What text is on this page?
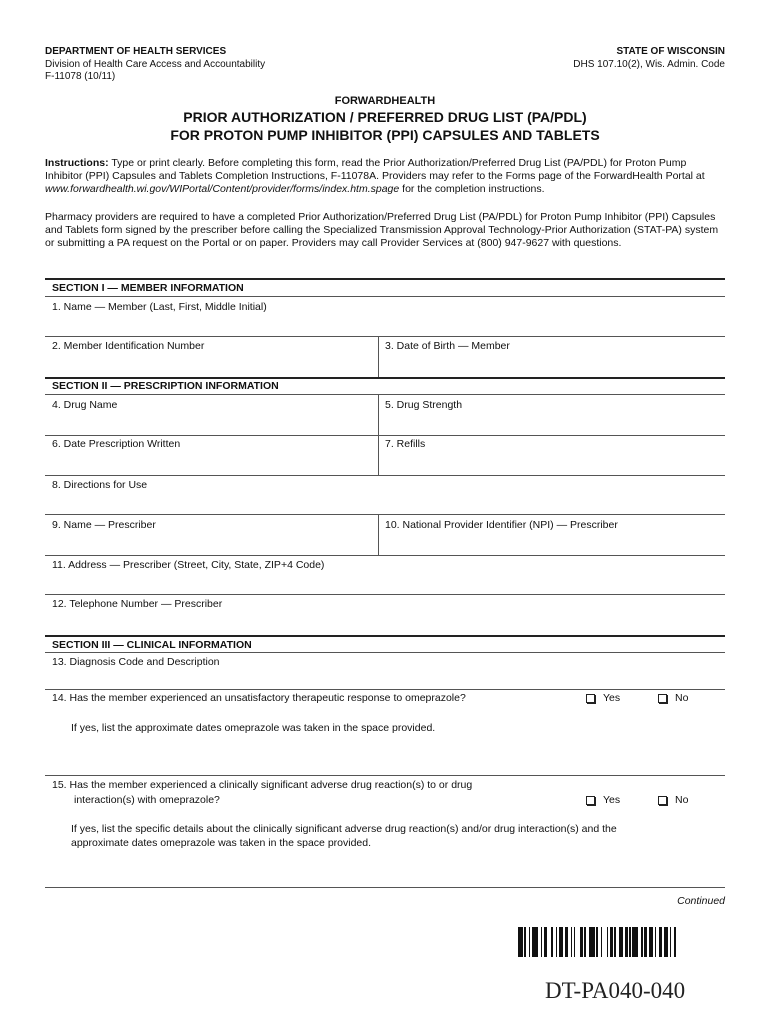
DEPARTMENT OF HEALTH SERVICES
Division of Health Care Access and Accountability
F-11078 (10/11)
STATE OF WISCONSIN
DHS 107.10(2), Wis. Admin. Code
FORWARDHEALTH
PRIOR AUTHORIZATION / PREFERRED DRUG LIST (PA/PDL)
FOR PROTON PUMP INHIBITOR (PPI) CAPSULES AND TABLETS
Instructions: Type or print clearly. Before completing this form, read the Prior Authorization/Preferred Drug List (PA/PDL) for Proton Pump Inhibitor (PPI) Capsules and Tablets Completion Instructions, F-11078A. Providers may refer to the Forms page of the ForwardHealth Portal at www.forwardhealth.wi.gov/WIPortal/Content/provider/forms/index.htm.spage for the completion instructions.
Pharmacy providers are required to have a completed Prior Authorization/Preferred Drug List (PA/PDL) for Proton Pump Inhibitor (PPI) Capsules and Tablets form signed by the prescriber before calling the Specialized Transmission Approval Technology-Prior Authorization (STAT-PA) system or submitting a PA request on the Portal or on paper. Providers may call Provider Services at (800) 947-9627 with questions.
SECTION I — MEMBER INFORMATION
1. Name — Member (Last, First, Middle Initial)
2. Member Identification Number	3. Date of Birth — Member
SECTION II — PRESCRIPTION INFORMATION
4. Drug Name	5. Drug Strength
6. Date Prescription Written	7. Refills
8. Directions for Use
9. Name — Prescriber	10. National Provider Identifier (NPI) — Prescriber
11. Address — Prescriber (Street, City, State, ZIP+4 Code)
12. Telephone Number — Prescriber
SECTION III — CLINICAL INFORMATION
13. Diagnosis Code and Description
14. Has the member experienced an unsatisfactory therapeutic response to omeprazole?	Yes	No
If yes, list the approximate dates omeprazole was taken in the space provided.
15. Has the member experienced a clinically significant adverse drug reaction(s) to or drug
interaction(s) with omeprazole?	Yes	No
If yes, list the specific details about the clinically significant adverse drug reaction(s) and/or drug interaction(s) and the
approximate dates omeprazole was taken in the space provided.
Continued
DT-PA040-040
